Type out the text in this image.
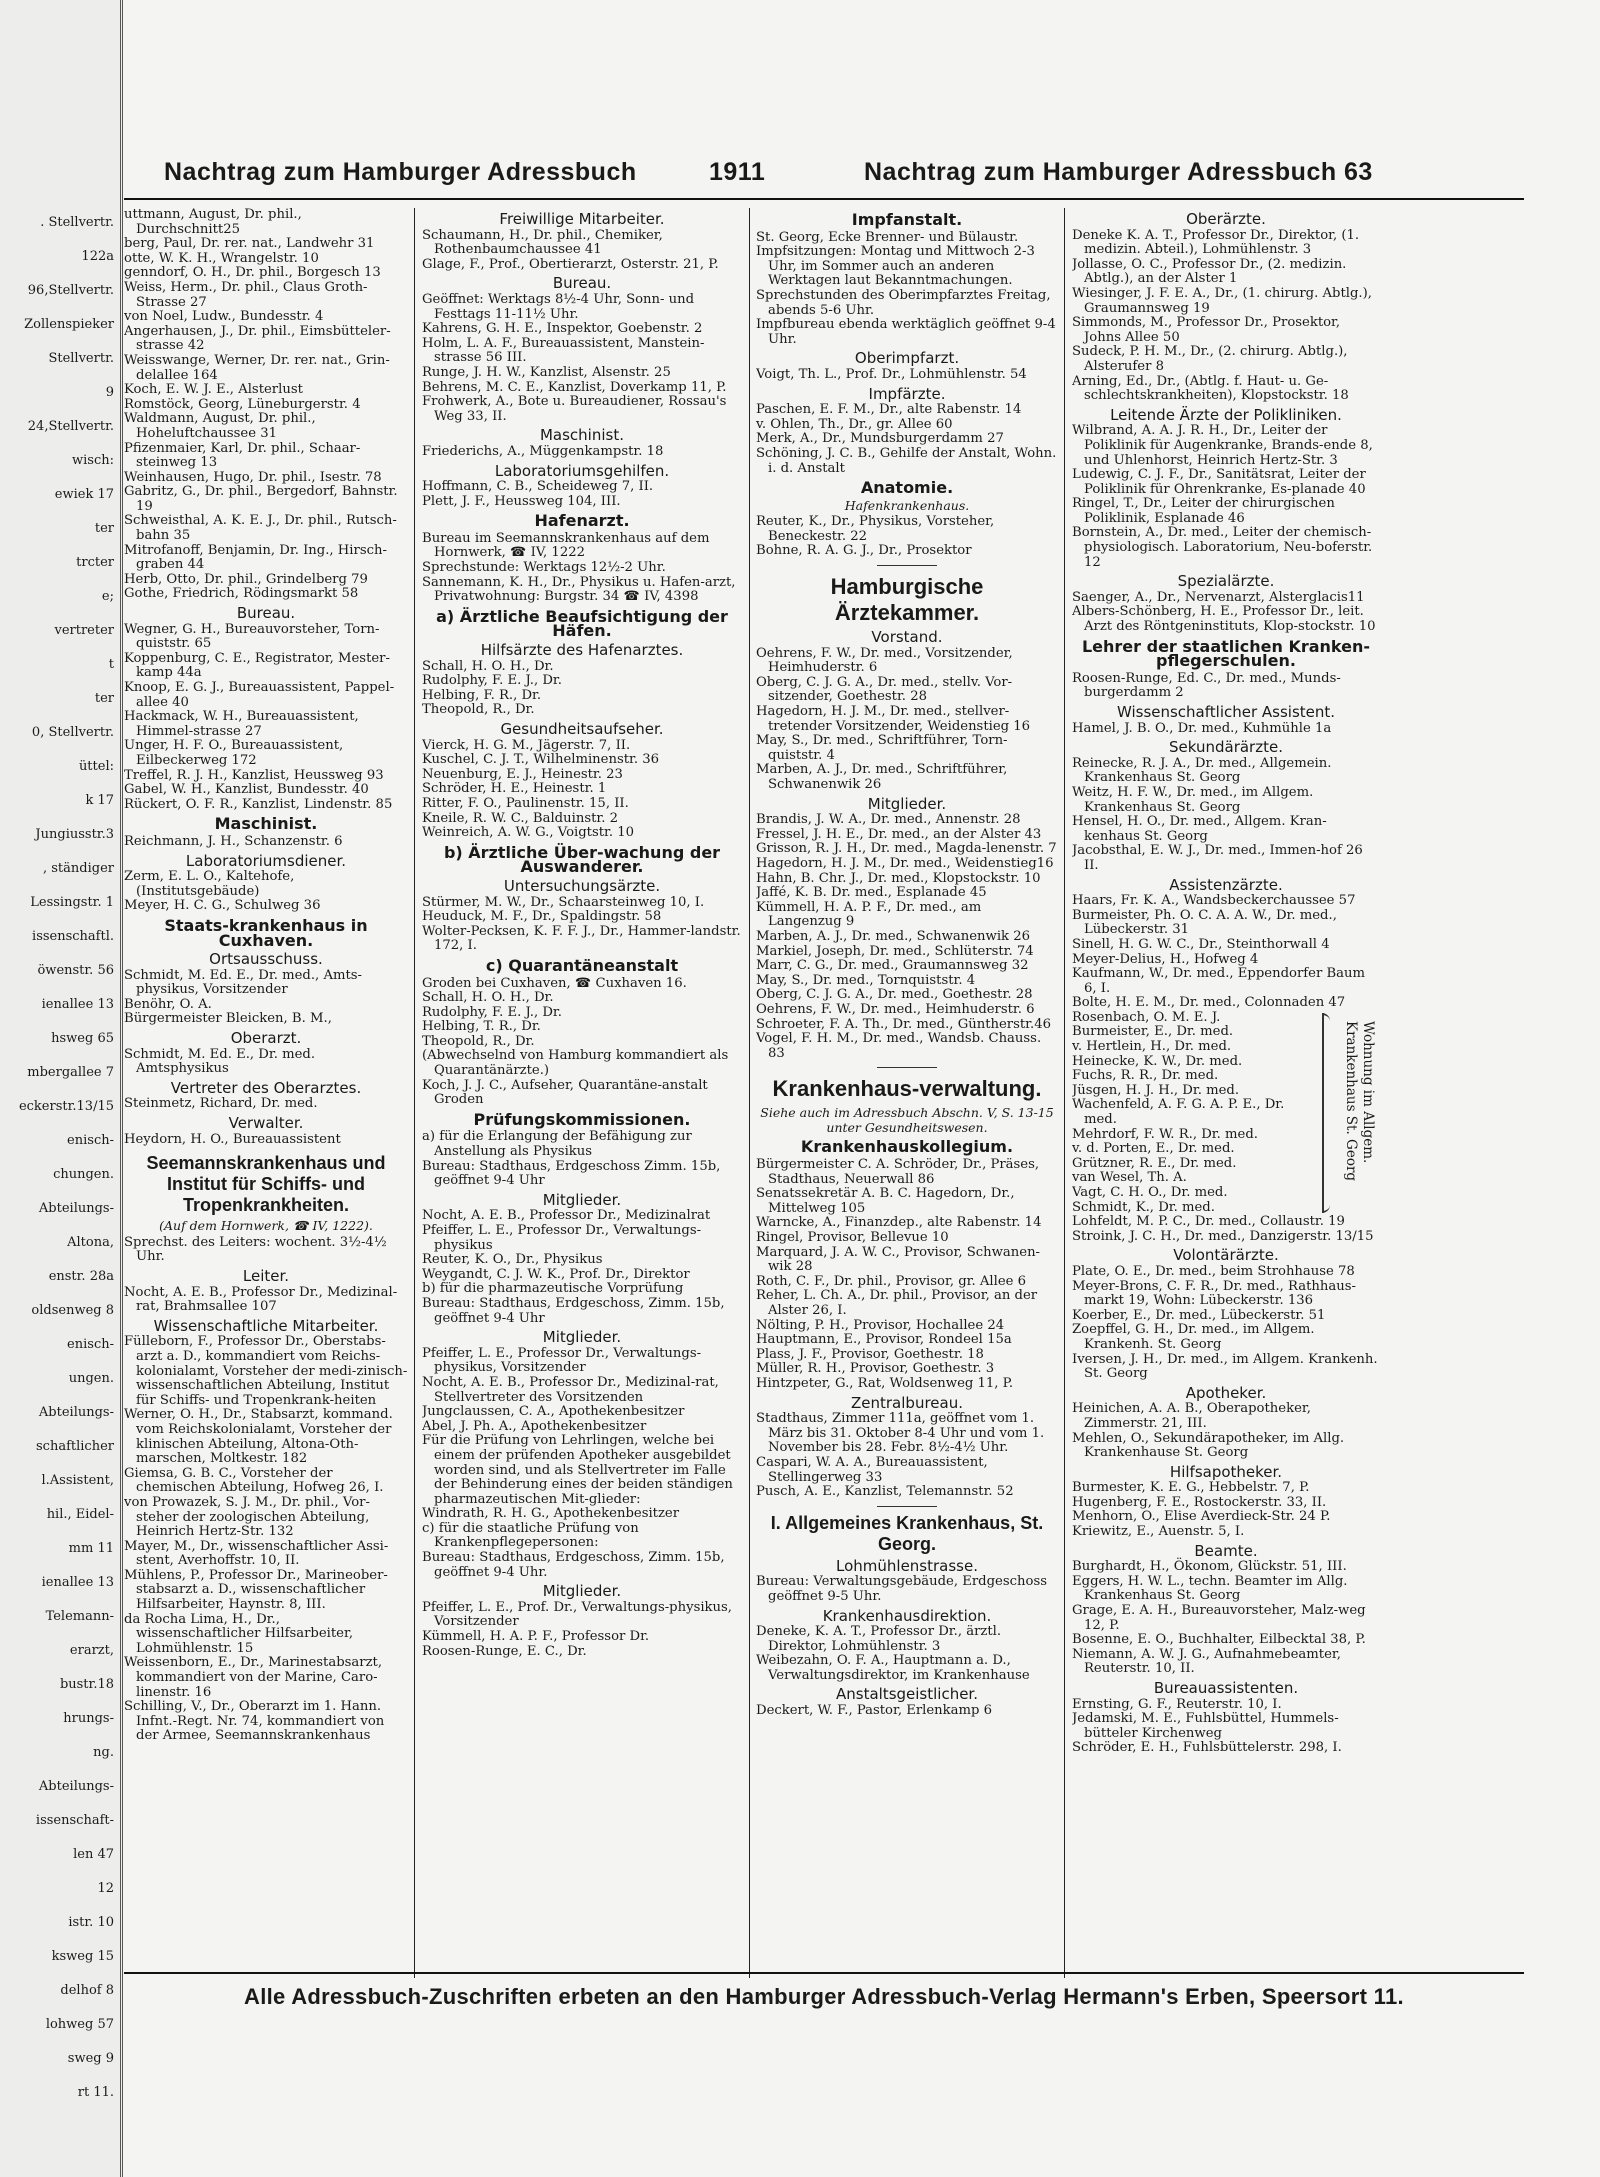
. Stellvertr.
122a
96,Stellvertr.
Zollenspieker
Stellvertr.
9
24,Stellvertr.
wisch:
ewiek 17
ter
trcter
e;
vertreter
t
ter
0, Stellvertr.
üttel:
k 17
Jungiusstr.3
, ständiger
Lessingstr. 1
issenschaftl.
öwenstr. 56
ienallee 13
hsweg 65
mbergallee 7
eckerstr.13/15
enisch-
chungen.
Abteilungs-
Altona,
enstr. 28a
oldsenweg 8
enisch-
ungen.
Abteilungs-
schaftlicher
l.Assistent,
hil., Eidel-
mm 11
ienallee 13
Telemann-
erarzt,
bustr.18
hrungs-
ng.
Abteilungs-
issenschaft-
len 47
12
istr. 10
ksweg 15
delhof 8
lohweg 57
sweg 9
rt 11.
Nachtrag zum Hamburger Adressbuch	1911	Nachtrag zum Hamburger Adressbuch 63

uttmann, August, Dr. phil., Durchschnitt25

berg, Paul, Dr. rer. nat., Landwehr 31

otte, W. K. H., Wrangelstr. 10

genndorf, O. H., Dr. phil., Borgesch 13

Weiss, Herm., Dr. phil., Claus Groth-Strasse 27

von Noel, Ludw., Bundesstr. 4

Angerhausen, J., Dr. phil., Eimsbütteler-strasse 42

Weisswange, Werner, Dr. rer. nat., Grin-delallee 164

Koch, E. W. J. E., Alsterlust

Romstöck, Georg, Lüneburgerstr. 4

Waldmann, August, Dr. phil., Hoheluftchaussee 31

Pfizenmaier, Karl, Dr. phil., Schaar-steinweg 13

Weinhausen, Hugo, Dr. phil., Isestr. 78

Gabritz, G., Dr. phil., Bergedorf, Bahnstr. 19

Schweisthal, A. K. E. J., Dr. phil., Rutsch-bahn 35

Mitrofanoff, Benjamin, Dr. Ing., Hirsch-graben 44

Herb, Otto, Dr. phil., Grindelberg 79

Gothe, Friedrich, Rödingsmarkt 58

Bureau.

Wegner, G. H., Bureauvorsteher, Torn-quiststr. 65

Koppenburg, C. E., Registrator, Mester-kamp 44a

Knoop, E. G. J., Bureauassistent, Pappel-allee 40

Hackmack, W. H., Bureauassistent, Himmel-strasse 27

Unger, H. F. O., Bureauassistent, Eilbeckerweg 172

Treffel, R. J. H., Kanzlist, Heussweg 93

Gabel, W. H., Kanzlist, Bundesstr. 40

Rückert, O. F. R., Kanzlist, Lindenstr. 85

Maschinist.

Reichmann, J. H., Schanzenstr. 6

Laboratoriumsdiener.

Zerm, E. L. O., Kaltehofe, (Institutsgebäude)

Meyer, H. C. G., Schulweg 36

Staats-krankenhaus in Cuxhaven.

Ortsausschuss.

Schmidt, M. Ed. E., Dr. med., Amts-physikus, Vorsitzender

Benöhr, O. A.

Bürgermeister Bleicken, B. M.,

Oberarzt.

Schmidt, M. Ed. E., Dr. med. Amtsphysikus

Vertreter des Oberarztes.

Steinmetz, Richard, Dr. med.

Verwalter.

Heydorn, H. O., Bureauassistent

Seemannskrankenhaus und Institut für Schiffs- und Tropenkrankheiten.

(Auf dem Hornwerk, ☎ IV, 1222).

Sprechst. des Leiters: wochent. 3½-4½ Uhr.

Leiter.

Nocht, A. E. B., Professor Dr., Medizinal-rat, Brahmsallee 107

Wissenschaftliche Mitarbeiter.

Fülleborn, F., Professor Dr., Oberstabs-arzt a. D., kommandiert vom Reichs-kolonialamt, Vorsteher der medi-zinisch-wissenschaftlichen Abteilung, Institut für Schiffs- und Tropenkrank-heiten

Werner, O. H., Dr., Stabsarzt, kommand. vom Reichskolonialamt, Vorsteher der klinischen Abteilung, Altona-Oth-marschen, Moltkestr. 182

Giemsa, G. B. C., Vorsteher der chemischen Abteilung, Hofweg 26, I.

von Prowazek, S. J. M., Dr. phil., Vor-steher der zoologischen Abteilung, Heinrich Hertz-Str. 132

Mayer, M., Dr., wissenschaftlicher Assi-stent, Averhoffstr. 10, II.

Mühlens, P., Professor Dr., Marineober-stabsarzt a. D., wissenschaftlicher Hilfsarbeiter, Haynstr. 8, III.

da Rocha Lima, H., Dr., wissenschaftlicher Hilfsarbeiter, Lohmühlenstr. 15

Weissenborn, E., Dr., Marinestabsarzt, kommandiert von der Marine, Caro-linenstr. 16

Schilling, V., Dr., Oberarzt im 1. Hann. Infnt.-Regt. Nr. 74, kommandiert von der Armee, Seemannskrankenhaus

Freiwillige Mitarbeiter.

Schaumann, H., Dr. phil., Chemiker, Rothenbaumchaussee 41

Glage, F., Prof., Obertierarzt, Osterstr. 21, P.

Bureau.

Geöffnet: Werktags 8½-4 Uhr, Sonn- und Festtags 11-11½ Uhr.

Kahrens, G. H. E., Inspektor, Goebenstr. 2

Holm, L. A. F., Bureauassistent, Manstein-strasse 56 III.

Runge, J. H. W., Kanzlist, Alsenstr. 25

Behrens, M. C. E., Kanzlist, Doverkamp 11, P.

Frohwerk, A., Bote u. Bureaudiener, Rossau's Weg 33, II.

Maschinist.

Friederichs, A., Müggenkampstr. 18

Laboratoriumsgehilfen.

Hoffmann, C. B., Scheideweg 7, II.

Plett, J. F., Heussweg 104, III.

Hafenarzt.

Bureau im Seemannskrankenhaus auf dem Hornwerk, ☎ IV, 1222

Sprechstunde: Werktags 12½-2 Uhr.

Sannemann, K. H., Dr., Physikus u. Hafen-arzt, Privatwohnung: Burgstr. 34 ☎ IV, 4398

a) Ärztliche Beaufsichtigung der Häfen.

Hilfsärzte des Hafenarztes.

Schall, H. O. H., Dr.

Rudolphy, F. E. J., Dr.

Helbing, F. R., Dr.

Theopold, R., Dr.

Gesundheitsaufseher.

Vierck, H. G. M., Jägerstr. 7, II.

Kuschel, C. J. T., Wilhelminenstr. 36

Neuenburg, E. J., Heinestr. 23

Schröder, H. E., Heinestr. 1

Ritter, F. O., Paulinenstr. 15, II.

Kneile, R. W. C., Balduinstr. 2

Weinreich, A. W. G., Voigtstr. 10

b) Ärztliche Über-wachung der Auswanderer.

Untersuchungsärzte.

Stürmer, M. W., Dr., Schaarsteinweg 10, I.

Heuduck, M. F., Dr., Spaldingstr. 58

Wolter-Pecksen, K. F. F. J., Dr., Hammer-landstr. 172, I.

c) Quarantäneanstalt

Groden bei Cuxhaven, ☎ Cuxhaven 16.

Schall, H. O. H., Dr.

Rudolphy, F. E. J., Dr.

Helbing, T. R., Dr.

Theopold, R., Dr.

(Abwechselnd von Hamburg kommandiert als Quarantänärzte.)

Koch, J. J. C., Aufseher, Quarantäne-anstalt Groden

Prüfungskommissionen.

a) für die Erlangung der Befähigung zur Anstellung als Physikus

Bureau: Stadthaus, Erdgeschoss Zimm. 15b, geöffnet 9-4 Uhr

Mitglieder.

Nocht, A. E. B., Professor Dr., Medizinalrat

Pfeiffer, L. E., Professor Dr., Verwaltungs-physikus

Reuter, K. O., Dr., Physikus

Weygandt, C. J. W. K., Prof. Dr., Direktor

b) für die pharmazeutische Vorprüfung

Bureau: Stadthaus, Erdgeschoss, Zimm. 15b, geöffnet 9-4 Uhr

Mitglieder.

Pfeiffer, L. E., Professor Dr., Verwaltungs-physikus, Vorsitzender

Nocht, A. E. B., Professor Dr., Medizinal-rat, Stellvertreter des Vorsitzenden

Jungclaussen, C. A., Apothekenbesitzer

Abel, J. Ph. A., Apothekenbesitzer

Für die Prüfung von Lehrlingen, welche bei einem der prüfenden Apotheker ausgebildet worden sind, und als Stellvertreter im Falle der Behinderung eines der beiden ständigen pharmazeutischen Mit-glieder:

Windrath, R. H. G., Apothekenbesitzer

c) für die staatliche Prüfung von Krankenpflegepersonen:

Bureau: Stadthaus, Erdgeschoss, Zimm. 15b, geöffnet 9-4 Uhr.

Mitglieder.

Pfeiffer, L. E., Prof. Dr., Verwaltungs-physikus, Vorsitzender

Kümmell, H. A. P. F., Professor Dr.

Roosen-Runge, E. C., Dr.

Impfanstalt.

St. Georg, Ecke Brenner- und Bülaustr.

Impfsitzungen: Montag und Mittwoch 2-3 Uhr, im Sommer auch an anderen Werktagen laut Bekanntmachungen.

Sprechstunden des Oberimpfarztes Freitag, abends 5-6 Uhr.

Impfbureau ebenda werktäglich geöffnet 9-4 Uhr.

Oberimpfarzt.

Voigt, Th. L., Prof. Dr., Lohmühlenstr. 54

Impfärzte.

Paschen, E. F. M., Dr., alte Rabenstr. 14

v. Ohlen, Th., Dr., gr. Allee 60

Merk, A., Dr., Mundsburgerdamm 27

Schöning, J. C. B., Gehilfe der Anstalt, Wohn. i. d. Anstalt

Anatomie.

Hafenkrankenhaus.

Reuter, K., Dr., Physikus, Vorsteher, Beneckestr. 22

Bohne, R. A. G. J., Dr., Prosektor

Hamburgische Ärztekammer.

Vorstand.

Oehrens, F. W., Dr. med., Vorsitzender, Heimhuderstr. 6

Oberg, C. J. G. A., Dr. med., stellv. Vor-sitzender, Goethestr. 28

Hagedorn, H. J. M., Dr. med., stellver-tretender Vorsitzender, Weidenstieg 16

May, S., Dr. med., Schriftführer, Torn-quiststr. 4

Marben, A. J., Dr. med., Schriftführer, Schwanenwik 26

Mitglieder.

Brandis, J. W. A., Dr. med., Annenstr. 28

Fressel, J. H. E., Dr. med., an der Alster 43

Grisson, R. J. H., Dr. med., Magda-lenenstr. 7

Hagedorn, H. J. M., Dr. med., Weidenstieg16

Hahn, B. Chr. J., Dr. med., Klopstockstr. 10

Jaffé, K. B. Dr. med., Esplanade 45

Kümmell, H. A. P. F., Dr. med., am Langenzug 9

Marben, A. J., Dr. med., Schwanenwik 26

Markiel, Joseph, Dr. med., Schlüterstr. 74

Marr, C. G., Dr. med., Graumannsweg 32

May, S., Dr. med., Tornquiststr. 4

Oberg, C. J. G. A., Dr. med., Goethestr. 28

Oehrens, F. W., Dr. med., Heimhuderstr. 6

Schroeter, F. A. Th., Dr. med., Güntherstr.46

Vogel, F. H. M., Dr. med., Wandsb. Chauss. 83

Krankenhaus-verwaltung.

Siehe auch im Adressbuch Abschn. V, S. 13-15 unter Gesundheitswesen.

Krankenhauskollegium.

Bürgermeister C. A. Schröder, Dr., Präses, Stadthaus, Neuerwall 86

Senatssekretär A. B. C. Hagedorn, Dr., Mittelweg 105

Warncke, A., Finanzdep., alte Rabenstr. 14

Ringel, Provisor, Bellevue 10

Marquard, J. A. W. C., Provisor, Schwanen-wik 28

Roth, C. F., Dr. phil., Provisor, gr. Allee 6

Reher, L. Ch. A., Dr. phil., Provisor, an der Alster 26, I.

Nölting, P. H., Provisor, Hochallee 24

Hauptmann, E., Provisor, Rondeel 15a

Plass, J. F., Provisor, Goethestr. 18

Müller, R. H., Provisor, Goethestr. 3

Hintzpeter, G., Rat, Woldsenweg 11, P.

Zentralbureau.

Stadthaus, Zimmer 111a, geöffnet vom 1. März bis 31. Oktober 8-4 Uhr und vom 1. November bis 28. Febr. 8½-4½ Uhr.

Caspari, W. A. A., Bureauassistent, Stellingerweg 33

Pusch, A. E., Kanzlist, Telemannstr. 52

I. Allgemeines Krankenhaus, St. Georg.

Lohmühlenstrasse.

Bureau: Verwaltungsgebäude, Erdgeschoss geöffnet 9-5 Uhr.

Krankenhausdirektion.

Deneke, K. A. T., Professor Dr., ärztl. Direktor, Lohmühlenstr. 3

Weibezahn, O. F. A., Hauptmann a. D., Verwaltungsdirektor, im Krankenhause

Anstaltsgeistlicher.

Deckert, W. F., Pastor, Erlenkamp 6

Oberärzte.

Deneke K. A. T., Professor Dr., Direktor, (1. medizin. Abteil.), Lohmühlenstr. 3

Jollasse, O. C., Professor Dr., (2. medizin. Abtlg.), an der Alster 1

Wiesinger, J. F. E. A., Dr., (1. chirurg. Abtlg.), Graumannsweg 19

Simmonds, M., Professor Dr., Prosektor, Johns Allee 50

Sudeck, P. H. M., Dr., (2. chirurg. Abtlg.), Alsterufer 8

Arning, Ed., Dr., (Abtlg. f. Haut- u. Ge-schlechtskrankheiten), Klopstockstr. 18

Leitende Ärzte der Polikliniken.

Wilbrand, A. A. J. R. H., Dr., Leiter der Poliklinik für Augenkranke, Brands-ende 8, und Uhlenhorst, Heinrich Hertz-Str. 3

Ludewig, C. J. F., Dr., Sanitätsrat, Leiter der Poliklinik für Ohrenkranke, Es-planade 40

Ringel, T., Dr., Leiter der chirurgischen Poliklinik, Esplanade 46

Bornstein, A., Dr. med., Leiter der chemisch-physiologisch. Laboratorium, Neu-boferstr. 12

Spezialärzte.

Saenger, A., Dr., Nervenarzt, Alsterglacis11

Albers-Schönberg, H. E., Professor Dr., leit. Arzt des Röntgeninstituts, Klop-stockstr. 10

Lehrer der staatlichen Kranken-pflegerschulen.

Roosen-Runge, Ed. C., Dr. med., Munds-burgerdamm 2

Wissenschaftlicher Assistent.

Hamel, J. B. O., Dr. med., Kuhmühle 1a

Sekundärärzte.

Reinecke, R. J. A., Dr. med., Allgemein. Krankenhaus St. Georg

Weitz, H. F. W., Dr. med., im Allgem. Krankenhaus St. Georg

Hensel, H. O., Dr. med., Allgem. Kran-kenhaus St. Georg

Jacobsthal, E. W. J., Dr. med., Immen-hof 26 II.

Assistenzärzte.

Haars, Fr. K. A., Wandsbeckerchaussee 57

Burmeister, Ph. O. C. A. A. W., Dr. med., Lübeckerstr. 31

Sinell, H. G. W. C., Dr., Steinthorwall 4

Meyer-Delius, H., Hofweg 4

Kaufmann, W., Dr. med., Eppendorfer Baum 6, I.

Bolte, H. E. M., Dr. med., Colonnaden 47

Rosenbach, O. M. E. J.

Burmeister, E., Dr. med.

v. Hertlein, H., Dr. med.

Heinecke, K. W., Dr. med.

Fuchs, R. R., Dr. med.

Jüsgen, H. J. H., Dr. med.

Wachenfeld, A. F. G. A. P. E., Dr. med.

Mehrdorf, F. W. R., Dr. med.

v. d. Porten, E., Dr. med.

Grützner, R. E., Dr. med.

van Wesel, Th. A.

Vagt, C. H. O., Dr. med.

Schmidt, K., Dr. med.

Wohnung im Allgem. Krankenhaus St. Georg

Lohfeldt, M. P. C., Dr. med., Collaustr. 19

Stroink, J. C. H., Dr. med., Danzigerstr. 13/15

Volontärärzte.

Plate, O. E., Dr. med., beim Strohhause 78

Meyer-Brons, C. F. R., Dr. med., Rathhaus-markt 19, Wohn: Lübeckerstr. 136

Koerber, E., Dr. med., Lübeckerstr. 51

Zoepffel, G. H., Dr. med., im Allgem. Krankenh. St. Georg

Iversen, J. H., Dr. med., im Allgem. Krankenh. St. Georg

Apotheker.

Heinichen, A. A. B., Oberapotheker, Zimmerstr. 21, III.

Mehlen, O., Sekundärapotheker, im Allg. Krankenhause St. Georg

Hilfsapotheker.

Burmester, K. E. G., Hebbelstr. 7, P.

Hugenberg, F. E., Rostockerstr. 33, II.

Menhorn, O., Elise Averdieck-Str. 24 P.

Kriewitz, E., Auenstr. 5, I.

Beamte.

Burghardt, H., Ökonom, Glückstr. 51, III.

Eggers, H. W. L., techn. Beamter im Allg. Krankenhaus St. Georg

Grage, E. A. H., Bureauvorsteher, Malz-weg 12, P.

Bosenne, E. O., Buchhalter, Eilbecktal 38, P.

Niemann, A. W. J. G., Aufnahmebeamter, Reuterstr. 10, II.

Bureauassistenten.

Ernsting, G. F., Reuterstr. 10, I.

Jedamski, M. E., Fuhlsbüttel, Hummels-bütteler Kirchenweg

Schröder, E. H., Fuhlsbüttelerstr. 298, I.

Alle Adressbuch-Zuschriften erbeten an den Hamburger Adressbuch-Verlag Hermann's Erben, Speersort 11.
